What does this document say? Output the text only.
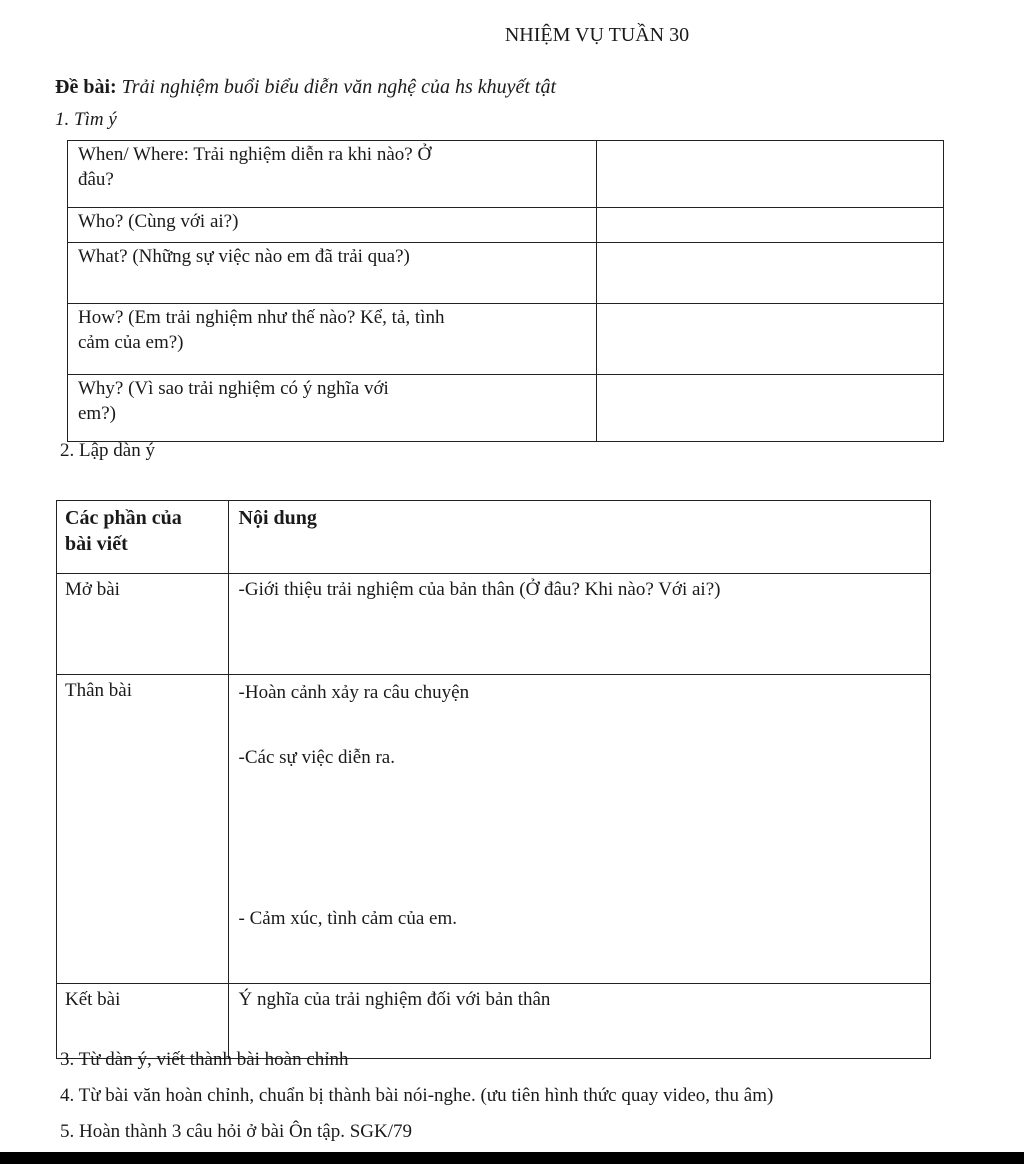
NHIỆM VỤ TUẦN 30
Đề bài: Trải nghiệm buổi biểu diễn văn nghệ của hs khuyết tật
1. Tìm ý
When/ Where: Trải nghiệm diễn ra khi nào? Ở
đâu?	

Who? (Cùng với ai?)	

What? (Những sự việc nào em đã trải qua?)	

How? (Em trải nghiệm như thế nào? Kể, tả, tình
cảm của em?)	

Why? (Vì sao trải nghiệm có ý nghĩa với
em?)	

2. Lập dàn ý
Các phần của
bài viết	Nội dung
Mở bài	-Giới thiệu trải nghiệm của bản thân (Ở đâu? Khi nào? Với ai?)

Thân bài	-Hoàn cảnh xảy ra câu chuyện
-Các sự việc diễn ra.
- Cảm xúc, tình cảm của em.

Kết bài	Ý nghĩa của trải nghiệm đối với bản thân
3. Từ dàn ý, viết thành bài hoàn chỉnh
4. Từ bài văn hoàn chỉnh, chuẩn bị thành bài nói-nghe. (ưu tiên hình thức quay video, thu âm)
5. Hoàn thành 3 câu hỏi ở bài Ôn tập. SGK/79
